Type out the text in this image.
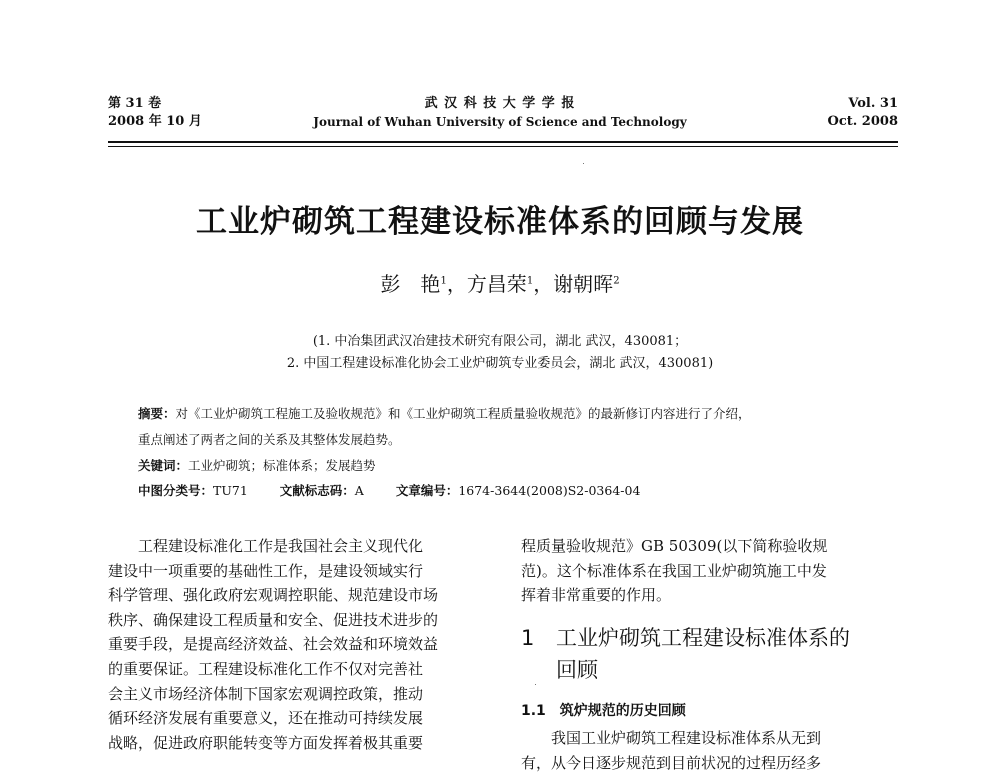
第 31 卷
2008 年 10 月
武 汉 科 技 大 学 学 报
Journal of Wuhan University of Science and Technology
Vol. 31
Oct. 2008
工业炉砌筑工程建设标准体系的回顾与发展
彭　艳$^1$，方昌荣$^1$，谢朝晖$^2$
(1. 中冶集团武汉冶建技术研究有限公司，湖北 武汉，430081；
2. 中国工程建设标准化协会工业炉砌筑专业委员会，湖北 武汉，430081)
摘要：对《工业炉砌筑工程施工及验收规范》和《工业炉砌筑工程质量验收规范》的最新修订内容进行了介绍，
重点阐述了两者之间的关系及其整体发展趋势。
关键词：工业炉砌筑；标准体系；发展趋势
中图分类号：TU71	文献标志码：A	文章编号：1674-3644(2008)S2-0364-04

　　工程建设标准化工作是我国社会主义现代化

建设中一项重要的基础性工作，是建设领域实行

科学管理、强化政府宏观调控职能、规范建设市场

秩序、确保建设工程质量和安全、促进技术进步的

重要手段，是提高经济效益、社会效益和环境效益

的重要保证。工程建设标准化工作不仅对完善社

会主义市场经济体制下国家宏观调控政策，推动

循环经济发展有重要意义，还在推动可持续发展

战略，促进政府职能转变等方面发挥着极其重要

程质量验收规范》GB 50309(以下简称验收规

范)。这个标准体系在我国工业炉砌筑施工中发

挥着非常重要的作用。

1 工业炉砌筑工程建设标准体系的
回顾
1.1　筑炉规范的历史回顾

　　我国工业炉砌筑工程建设标准体系从无到

有，从今日逐步规范到目前状况的过程历经多
